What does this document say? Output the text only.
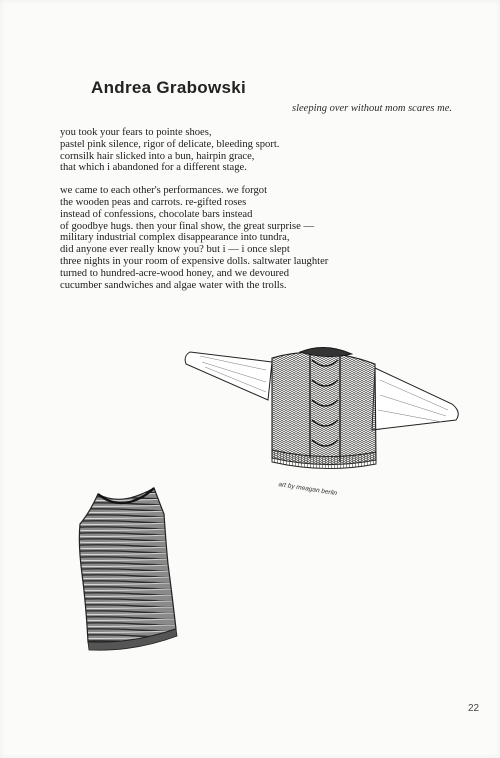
Andrea Grabowski
sleeping over without mom scares me.
you took your fears to pointe shoes,
pastel pink silence, rigor of delicate, bleeding sport.
cornsilk hair slicked into a bun, hairpin grace,
that which i abandoned for a different stage.
we came to each other's performances. we forgot
the wooden peas and carrots. re-gifted roses
instead of confessions, chocolate bars instead
of goodbye hugs. then your final show, the great surprise —
military industrial complex disappearance into tundra,
did anyone ever really know you? but i — i once slept
three nights in your room of expensive dolls. saltwater laughter
turned to hundred-acre-wood honey, and we devoured
cucumber sandwiches and algae water with the trolls.
art by meagan berlin
22
